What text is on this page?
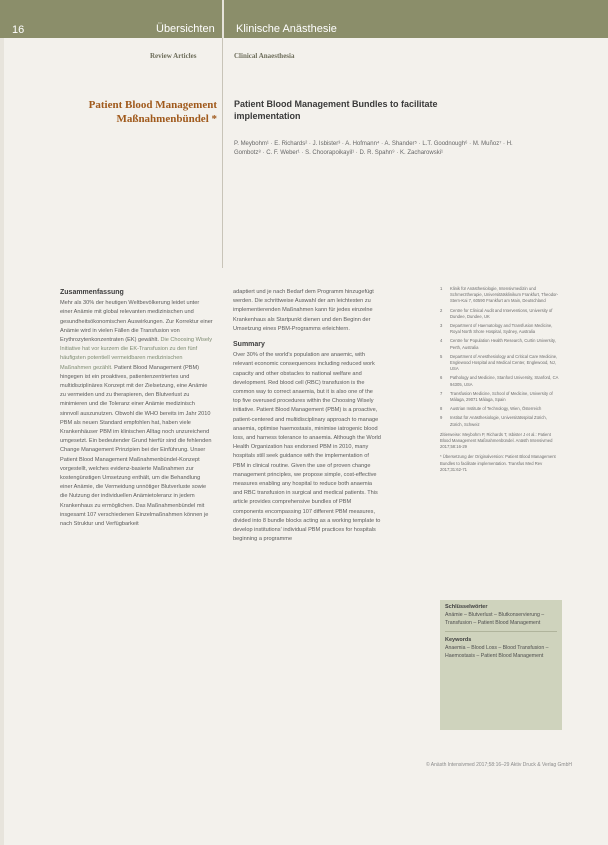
16	Übersichten Klinische Anästhesie
Review Articles	Clinical Anaesthesia
Patient Blood Management Maßnahmenbündel *
Patient Blood Management Bundles to facilitate implementation
P. Meybohm¹ · E. Richards² · J. Isbister³ · A. Hofmann⁴ · A. Shander⁵ · L.T. Goodnough⁶ · M. Muñoz⁷ · H. Gombotz⁸ · C. F. Weber¹ · S. Choorapoikayil¹ · D. R. Spahn⁹ · K. Zacharowski¹
Zusammenfassung

Mehr als 30% der heutigen Weltbevölkerung leidet unter einer Anämie mit global relevanten medizinischen und gesundheitsökonomischen Auswirkungen. Zur Korrektur einer Anämie wird in vielen Fällen die Transfusion von Erythrozytenkonzentraten (EK) gewählt. Die Choosing Wisely Initiative hat vor kurzem die EK-Transfusion zu den fünf häufigsten potentiell vermeidbaren medizinischen Maßnahmen gezählt. Patient Blood Management (PBM) hingegen ist ein proaktives, patientenzentriertes und multidisziplinäres Konzept mit der Zielsetzung, eine Anämie zu vermeiden und zu therapieren, den Blutverlust zu minimieren und die Toleranz einer Anämie medizinisch sinnvoll auszunutzen. Obwohl die WHO bereits im Jahr 2010 PBM als neuen Standard empfohlen hat, haben viele Krankenhäuser PBM im klinischen Alltag noch unzureichend umgesetzt. Ein bedeutender Grund hierfür sind die fehlenden Change Management Prinzipien bei der Einführung. Unser Patient Blood Management Maßnahmenbündel-Konzept vorgestellt, welches evidenz-basierte Maßnahmen zur kostengünstigen Umsetzung enthält, um die Behandlung einer Anämie, die Vermeidung unnötiger Blutverluste sowie die Nutzung der individuellen Anämietoleranz in jedem Krankenhaus zu ermöglichen. Das Maßnahmenbündel mit insgesamt 107 verschiedenen Einzelmaßnahmen können je nach Struktur und Verfügbarkeit

adaptiert und je nach Bedarf dem Programm hinzugefügt werden. Die schrittweise Auswahl der am leichtesten zu implementierenden Maßnahmen kann für jedes einzelne Krankenhaus als Startpunkt dienen und den Beginn der Umsetzung eines PBM-Programms erleichtern.

Summary

Over 30% of the world's population are anaemic, with relevant economic consequences including reduced work capacity and other obstacles to national welfare and development. Red blood cell (RBC) transfusion is the common way to correct anaemia, but it is also one of the top five overused procedures within the Choosing Wisely initiative. Patient Blood Management (PBM) is a proactive, patient-centered and multidisciplinary approach to manage anaemia, optimise haemostasis, minimise iatrogenic blood loss, and harness tolerance to anaemia. Although the World Health Organization has endorsed PBM in 2010, many hospitals still seek guidance with the implementation of PBM in clinical routine. Given the use of proven change management principles, we propose simple, cost-effective measures enabling any hospital to reduce both anaemia and RBC transfusion in surgical and medical patients. This article provides comprehensive bundles of PBM components encompassing 107 different PBM measures, divided into 8 bundle blocks acting as a working template to develop institutions' individual PBM practices for hospitals beginning a programme

1	Klinik für Anästhesiologie, Intensivmedizin und Schmerztherapie, Universitätsklinikum Frankfurt, Theodor-Stern-Kai 7, 60590 Frankfurt am Main, Deutschland
2	Centre for Clinical Audit and Interventions, University of Dundee, Dundee, UK
3	Department of Haematology and Transfusion Medicine, Royal North Shore Hospital, Sydney, Australia
4	Centre for Population Health Research, Curtin University, Perth, Australia
5	Department of Anesthesiology and Critical Care Medicine, Englewood Hospital and Medical Center, Englewood, NJ, USA
6	Pathology and Medicine, Stanford University, Stanford, CA 94305, USA
7	Transfusion Medicine, School of Medicine, University of Málaga, 29071 Málaga, Spain
8	Austrian Institute of Technology, Wien, Österreich
9	Institut für Anästhesiologie, Universitätsspital Zürich, Zürich, Schweiz

Zitierweise: Meybohm P, Richards T, Isbister J et al.: Patient Blood Management Maßnahmenbündel. Anästh Intensivmed 2017;58:16-29

* Übersetzung der Originalversion: Patient Blood Management Bundles to facilitate implementation. Transfus Med Rev 2017;31:62-71

Schlüsselwörter
Anämie – Blutverlust – Blutkonservierung – Transfusion – Patient Blood Management
Keywords
Anaemia – Blood Loss – Blood Transfusion – Haemostasis – Patient Blood Management
© Anästh Intensivmed 2017;58:16–29 Aktiv Druck & Verlag GmbH
